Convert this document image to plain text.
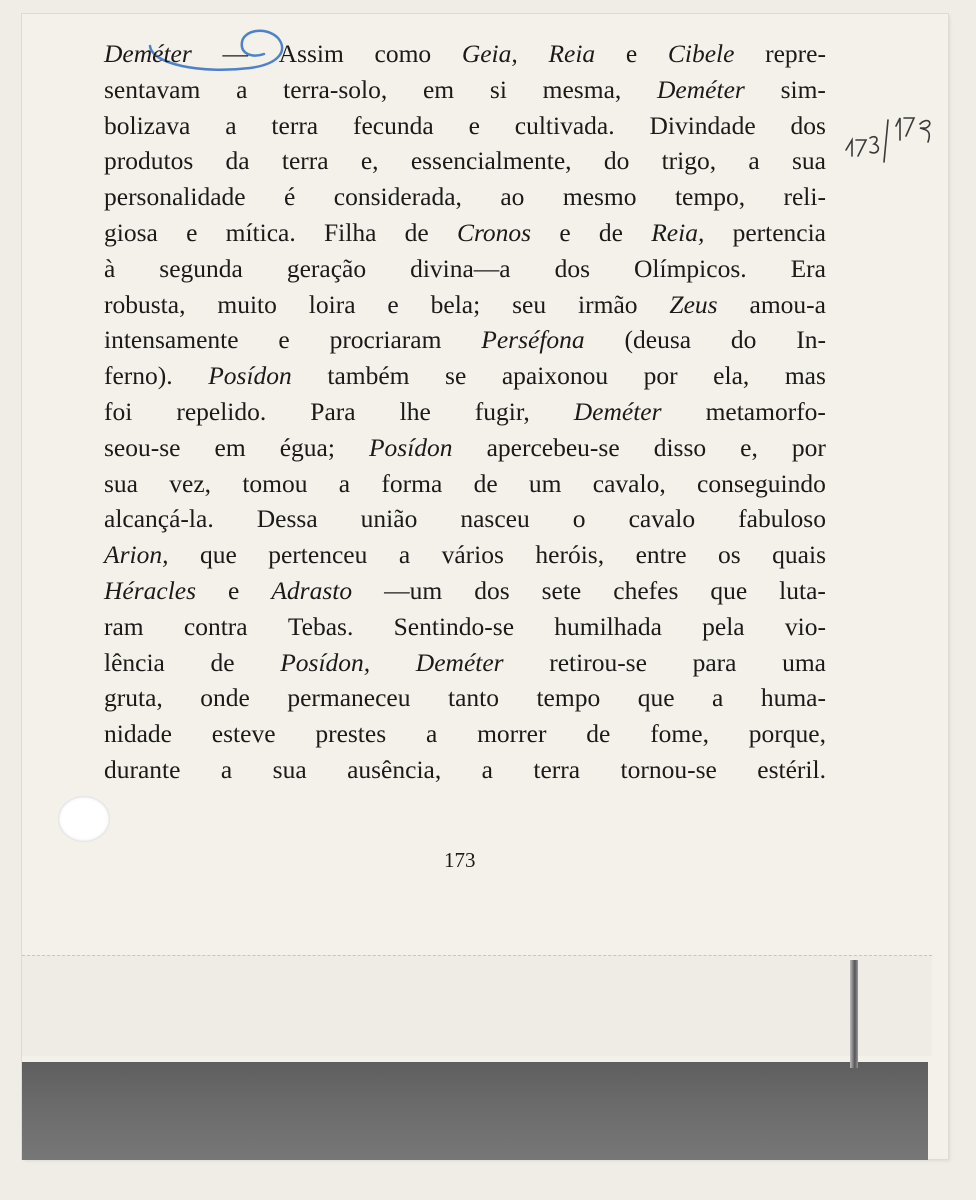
Deméter — Assim como Geia, Reia e Cibele repre-
sentavam a terra-solo, em si mesma, Deméter sim-
bolizava a terra fecunda e cultivada. Divindade dos
produtos da terra e, essencialmente, do trigo, a sua
personalidade é considerada, ao mesmo tempo, reli-
giosa e mítica. Filha de Cronos e de Reia, pertencia
à segunda geração divina—a dos Olímpicos. Era
robusta, muito loira e bela; seu irmão Zeus amou-a
intensamente e procriaram Perséfona (deusa do In-
ferno). Posídon também se apaixonou por ela, mas
foi repelido. Para lhe fugir, Deméter metamorfo-
seou-se em égua; Posídon apercebeu-se disso e, por
sua vez, tomou a forma de um cavalo, conseguindo
alcançá-la. Dessa união nasceu o cavalo fabuloso
Arion, que pertenceu a vários heróis, entre os quais
Héracles e Adrasto —um dos sete chefes que luta-
ram contra Tebas. Sentindo-se humilhada pela vio-
lência de Posídon, Deméter retirou-se para uma
gruta, onde permaneceu tanto tempo que a huma-
nidade esteve prestes a morrer de fome, porque,
durante a sua ausência, a terra tornou-se estéril.
173
